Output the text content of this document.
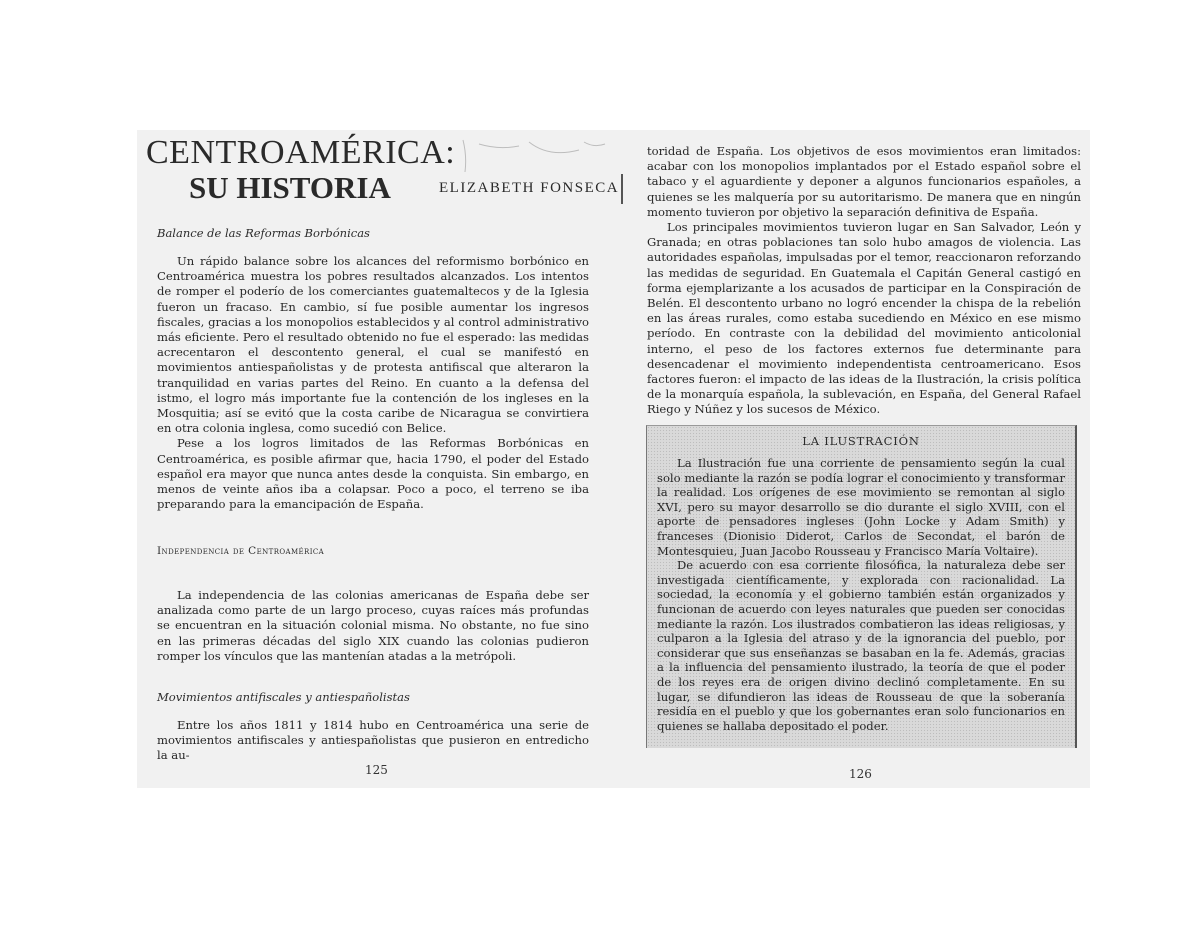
CENTROAMÉRICA:
SU HISTORIA	ELIZABETH FONSECA
Balance de las Reformas Borbónicas

Un rápido balance sobre los alcances del reformismo borbónico en Centroamérica muestra los pobres resultados alcanzados. Los intentos de romper el poderío de los comerciantes guatemaltecos y de la Iglesia fueron un fracaso. En cambio, sí fue posible aumentar los ingresos fiscales, gracias a los monopolios establecidos y al control administrativo más eficiente. Pero el resultado obtenido no fue el esperado: las medidas acrecentaron el descontento general, el cual se manifestó en movimientos antiespañolistas y de protesta antifiscal que alteraron la tranquilidad en varias partes del Reino. En cuanto a la defensa del istmo, el logro más importante fue la contención de los ingleses en la Mosquitia; así se evitó que la costa caribe de Nicaragua se convirtiera en otra colonia inglesa, como sucedió con Belice.

Pese a los logros limitados de las Reformas Borbónicas en Centroamérica, es posible afirmar que, hacia 1790, el poder del Estado español era mayor que nunca antes desde la conquista. Sin embargo, en menos de veinte años iba a colapsar. Poco a poco, el terreno se iba preparando para la emancipación de España.

Independencia de Centroamérica

La independencia de las colonias americanas de España debe ser analizada como parte de un largo proceso, cuyas raíces más profundas se encuentran en la situación colonial misma. No obstante, no fue sino en las primeras décadas del siglo XIX cuando las colonias pudieron romper los vínculos que las mantenían atadas a la metrópoli.

Movimientos antifiscales y antiespañolistas

Entre los años 1811 y 1814 hubo en Centroamérica una serie de movimientos antifiscales y antiespañolistas que pusieron en entredicho la au-

125

toridad de España. Los objetivos de esos movimientos eran limitados: acabar con los monopolios implantados por el Estado español sobre el tabaco y el aguardiente y deponer a algunos funcionarios españoles, a quienes se les malquería por su autoritarismo. De manera que en ningún momento tuvieron por objetivo la separación definitiva de España.

Los principales movimientos tuvieron lugar en San Salvador, León y Granada; en otras poblaciones tan solo hubo amagos de violencia. Las autoridades españolas, impulsadas por el temor, reaccionaron reforzando las medidas de seguridad. En Guatemala el Capitán General castigó en forma ejemplarizante a los acusados de participar en la Conspiración de Belén. El descontento urbano no logró encender la chispa de la rebelión en las áreas rurales, como estaba sucediendo en México en ese mismo período. En contraste con la debilidad del movimiento anticolonial interno, el peso de los factores externos fue determinante para desencadenar el movimiento independentista centroamericano. Esos factores fueron: el impacto de las ideas de la Ilustración, la crisis política de la monarquía española, la sublevación, en España, del General Rafael Riego y Núñez y los sucesos de México.

LA ILUSTRACIÓN

La Ilustración fue una corriente de pensamiento según la cual solo mediante la razón se podía lograr el conocimiento y transformar la realidad. Los orígenes de ese movimiento se remontan al siglo XVI, pero su mayor desarrollo se dio durante el siglo XVIII, con el aporte de pensadores ingleses (John Locke y Adam Smith) y franceses (Dionisio Diderot, Carlos de Secondat, el barón de Montesquieu, Juan Jacobo Rousseau y Francisco María Voltaire).

De acuerdo con esa corriente filosófica, la naturaleza debe ser investigada científicamente, y explorada con racionalidad. La sociedad, la economía y el gobierno también están organizados y funcionan de acuerdo con leyes naturales que pueden ser conocidas mediante la razón. Los ilustrados combatieron las ideas religiosas, y culparon a la Iglesia del atraso y de la ignorancia del pueblo, por considerar que sus enseñanzas se basaban en la fe. Además, gracias a la influencia del pensamiento ilustrado, la teoría de que el poder de los reyes era de origen divino declinó completamente. En su lugar, se difundieron las ideas de Rousseau de que la soberanía residía en el pueblo y que los gobernantes eran solo funcionarios en quienes se hallaba depositado el poder.

126
